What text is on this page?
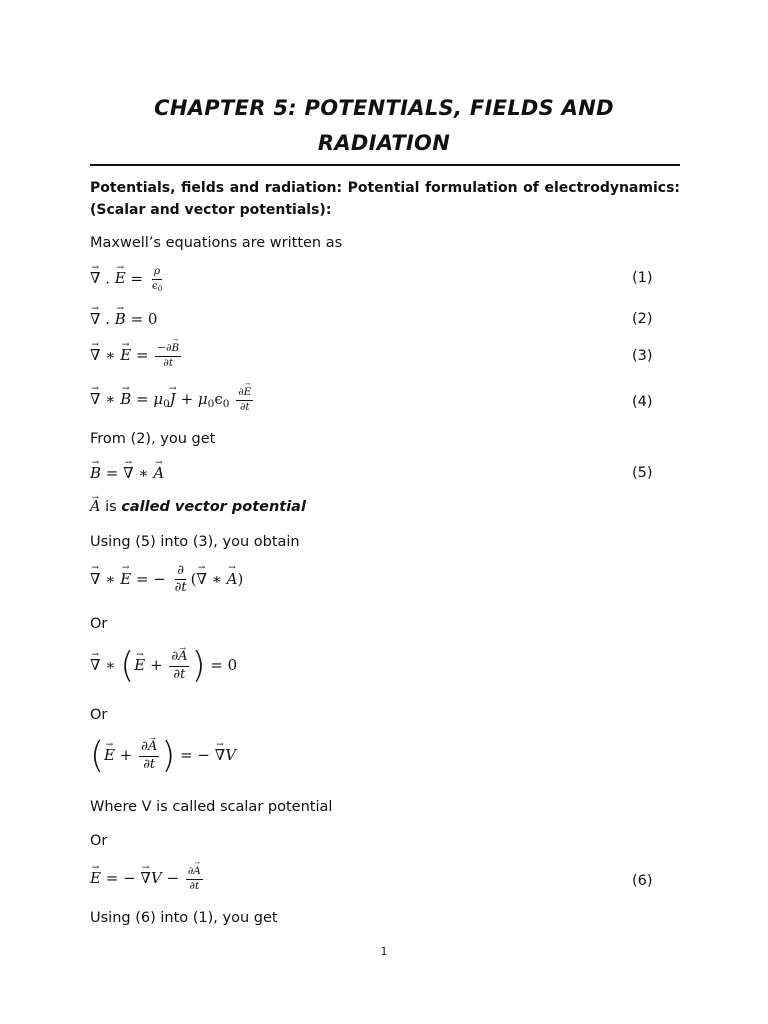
CHAPTER 5: POTENTIALS, FIELDS AND
RADIATION
Potentials, fields and radiation: Potential formulation of electrodynamics:
(Scalar and vector potentials):
Maxwell’s equations are written as
∇ → . E → = $\frac{\rho}{\epsilon_0}$	(1)
∇ → . B → = 0	(2)
∇ → ∗ E → = $\frac{-\partial B \to}{\partial t}$	(3)
∇ → ∗ B → = $\mu_0J$ → + $\mu_0\epsilon_0 \frac{\partial E \to}{\partial t}$	(4)
From (2), you get
B → = ∇ → ∗ A →	(5)
A → is called vector potential
Using (5) into (3), you obtain
∇ → ∗ E → = − $\frac{\partial}{\partial t}$ (∇ → ∗ A →)
Or
∇ → ∗ (E → + $\frac{\partial A \to}{\partial t}$ ) = 0
Or
(E → + $\frac{\partial A \to}{\partial t}$ ) = − ∇ →V
Where V is called scalar potential
Or
E → = − ∇ $\to V - \frac{\partial A \to}{\partial t}$	(6)
Using (6) into (1), you get
1
